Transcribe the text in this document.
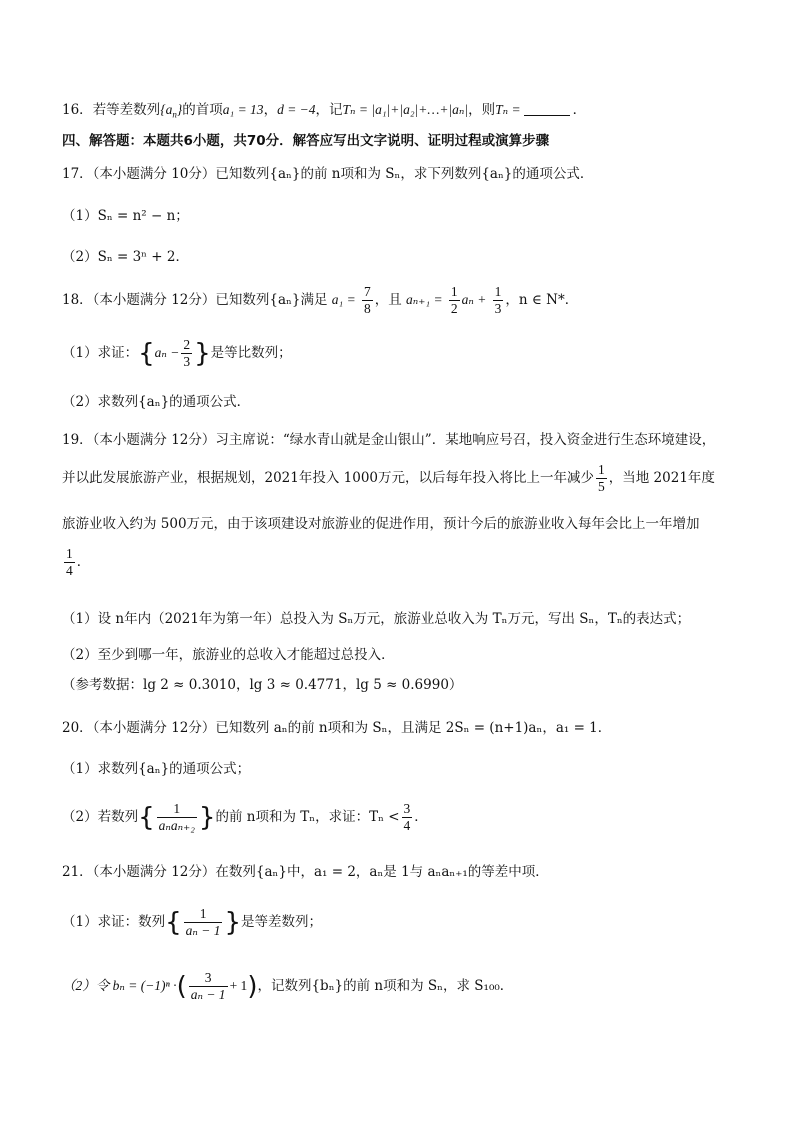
16．若等差数列$\{a_n\}$的首项a₁ = 13，d = −4，记Tₙ = |a₁|+|a₂|+…+|aₙ|，则Tₙ =	．
四、解答题：本题共6小题，共70分．解答应写出文字说明、证明过程或演算步骤
17．（本小题满分 10分）已知数列{aₙ}的前 n项和为 Sₙ，求下列数列{aₙ}的通项公式．
（1）Sₙ = n² − n；
（2）Sₙ = 3ⁿ + 2．
18．（本小题满分 12分）已知数列{aₙ}满足 $a_1 = \frac{7}{8}$ ，且 $a_{n+1} = \frac{1}{2}$ $a_n + \frac{1}{3}$ ，n ∈ N*．
（1）求证：{$a_n - \frac{2}{3}$ }是等比数列；
（2）求数列{aₙ}的通项公式．
19．（本小题满分 12分）习主席说：“绿水青山就是金山银山”．某地响应号召，投入资金进行生态环境建设，
并以此发展旅游产业，根据规划，2021年投入 1000万元，以后每年投入将比上一年减少 $\frac{1}{5}$ ，当地 2021年度
旅游业收入约为 500万元，由于该项建设对旅游业的促进作用，预计今后的旅游业收入每年会比上一年增加
$\frac{1}{4}$ ．
（1）设 n年内（2021年为第一年）总投入为 Sₙ万元，旅游业总收入为 Tₙ万元，写出 Sₙ，Tₙ的表达式；
（2）至少到哪一年，旅游业的总收入才能超过总投入．
（参考数据：lg 2 ≈ 0.3010，lg 3 ≈ 0.4771，lg 5 ≈ 0.6990）
20．（本小题满分 12分）已知数列 aₙ的前 n项和为 Sₙ，且满足 2Sₙ = (n+1)aₙ，a₁ = 1．
（1）求数列{aₙ}的通项公式；
（2）若数列{ $\frac{1}{\text{aₙaₙ₊₂}}$ }的前 n项和为 Tₙ，求证：$T_n < \frac{3}{4}$ ．
21．（本小题满分 12分）在数列{aₙ}中，a₁ = 2，aₙ是 1与 aₙaₙ₊₁的等差中项．
（1）求证：数列{ $\frac{1}{\text{aₙ − 1}}$ }是等差数列；
（2）令 bₙ = (−1)ⁿ ·( $\frac{3}{\text{aₙ − 1}} + 1$)，记数列{bₙ}的前 n项和为 Sₙ，求 S₁₀₀．
